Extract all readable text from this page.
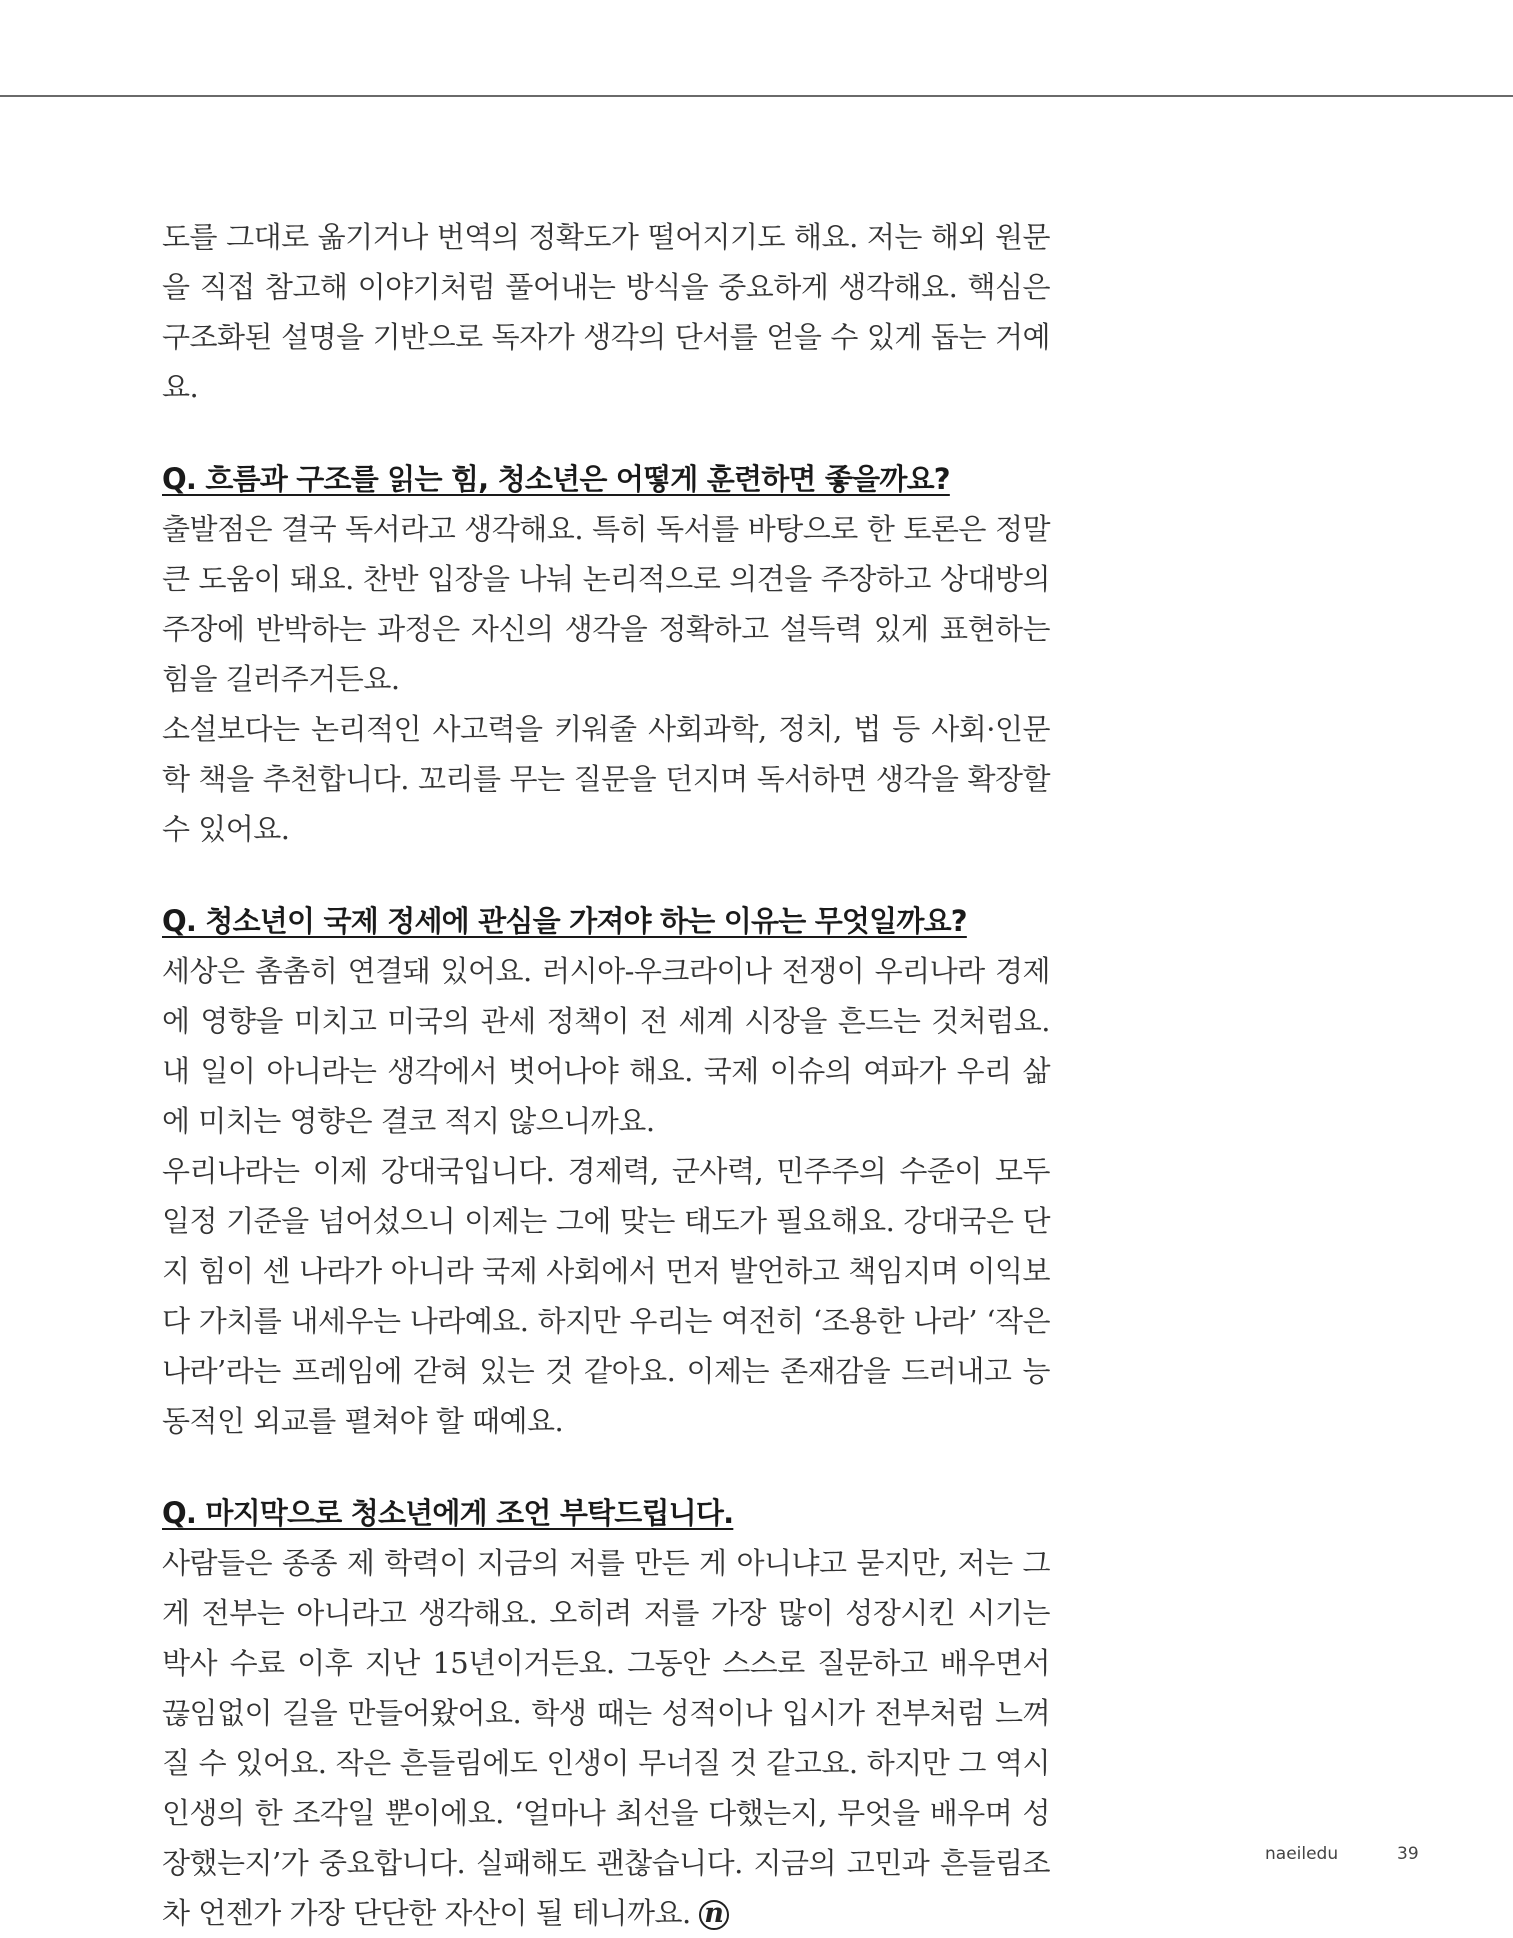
도를 그대로 옮기거나 번역의 정확도가 떨어지기도 해요. 저는 해외 원문을 직접 참고해 이야기처럼 풀어내는 방식을 중요하게 생각해요. 핵심은 구조화된 설명을 기반으로 독자가 생각의 단서를 얻을 수 있게 돕는 거예요.

Q. 흐름과 구조를 읽는 힘, 청소년은 어떻게 훈련하면 좋을까요?

출발점은 결국 독서라고 생각해요. 특히 독서를 바탕으로 한 토론은 정말 큰 도움이 돼요. 찬반 입장을 나눠 논리적으로 의견을 주장하고 상대방의 주장에 반박하는 과정은 자신의 생각을 정확하고 설득력 있게 표현하는 힘을 길러주거든요.

소설보다는 논리적인 사고력을 키워줄 사회과학, 정치, 법 등 사회·인문학 책을 추천합니다. 꼬리를 무는 질문을 던지며 독서하면 생각을 확장할 수 있어요.

Q. 청소년이 국제 정세에 관심을 가져야 하는 이유는 무엇일까요?

세상은 촘촘히 연결돼 있어요. 러시아-우크라이나 전쟁이 우리나라 경제에 영향을 미치고 미국의 관세 정책이 전 세계 시장을 흔드는 것처럼요. 내 일이 아니라는 생각에서 벗어나야 해요. 국제 이슈의 여파가 우리 삶에 미치는 영향은 결코 적지 않으니까요.

우리나라는 이제 강대국입니다. 경제력, 군사력, 민주주의 수준이 모두 일정 기준을 넘어섰으니 이제는 그에 맞는 태도가 필요해요. 강대국은 단지 힘이 센 나라가 아니라 국제 사회에서 먼저 발언하고 책임지며 이익보다 가치를 내세우는 나라예요. 하지만 우리는 여전히 ‘조용한 나라’ ‘작은 나라’라는 프레임에 갇혀 있는 것 같아요. 이제는 존재감을 드러내고 능동적인 외교를 펼쳐야 할 때예요.

Q. 마지막으로 청소년에게 조언 부탁드립니다.

사람들은 종종 제 학력이 지금의 저를 만든 게 아니냐고 묻지만, 저는 그게 전부는 아니라고 생각해요. 오히려 저를 가장 많이 성장시킨 시기는 박사 수료 이후 지난 15년이거든요. 그동안 스스로 질문하고 배우면서 끊임없이 길을 만들어왔어요. 학생 때는 성적이나 입시가 전부처럼 느껴질 수 있어요. 작은 흔들림에도 인생이 무너질 것 같고요. 하지만 그 역시 인생의 한 조각일 뿐이에요. ‘얼마나 최선을 다했는지, 무엇을 배우며 성장했는지’가 중요합니다. 실패해도 괜찮습니다. 지금의 고민과 흔들림조차 언젠가 가장 단단한 자산이 될 테니까요. n

naeiledu	39
